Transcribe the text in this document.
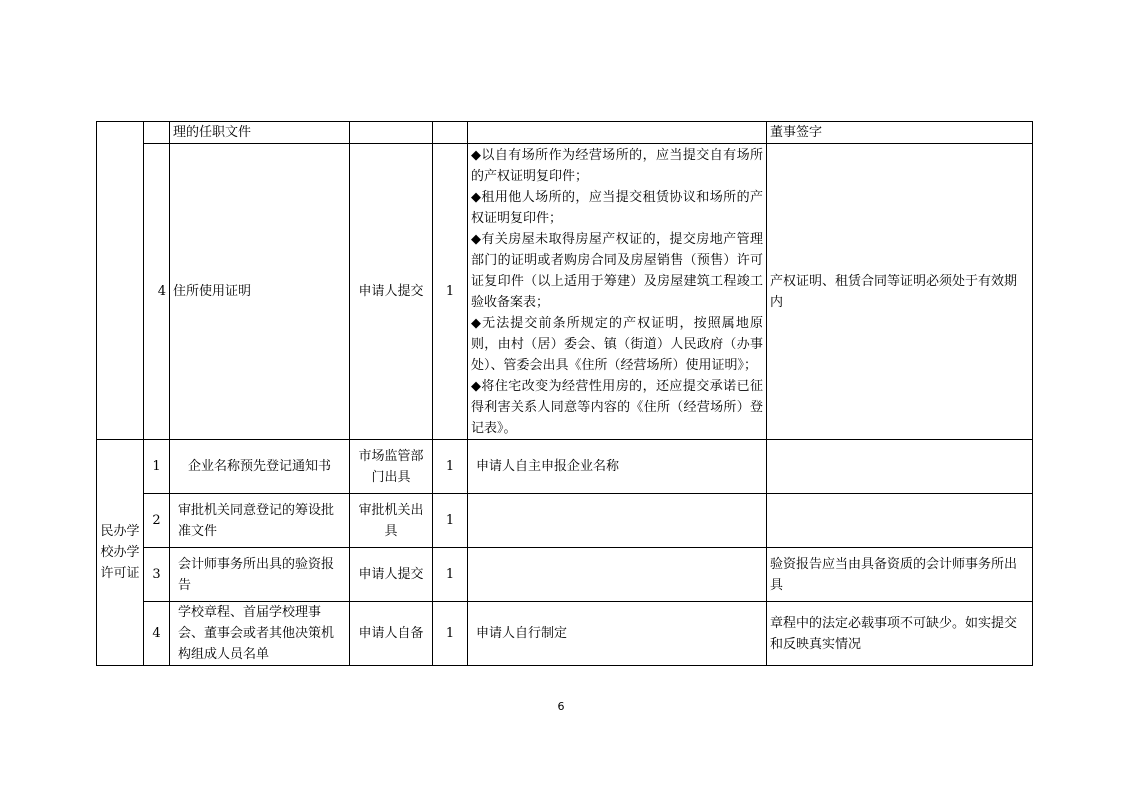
		理的任职文件				董事签字
	4	住所使用证明	申请人提交	1	◆以自有场所作为经营场所的，应当提交自有场所的产权证明复印件；
◆租用他人场所的，应当提交租赁协议和场所的产权证明复印件；
◆有关房屋未取得房屋产权证的，提交房地产管理部门的证明或者购房合同及房屋销售（预售）许可证复印件（以上适用于筹建）及房屋建筑工程竣工验收备案表；
◆无法提交前条所规定的产权证明，按照属地原则，由村（居）委会、镇（街道）人民政府（办事处）、管委会出具《住所（经营场所）使用证明》；
◆将住宅改变为经营性用房的，还应提交承诺已征得利害关系人同意等内容的《住所（经营场所）登记表》。	产权证明、租赁合同等证明必须处于有效期内
民办学校办学许可证	1	企业名称预先登记通知书	市场监管部门出具	1	申请人自主申报企业名称	
	2	审批机关同意登记的筹设批准文件	审批机关出具	1		
	3	会计师事务所出具的验资报告	申请人提交	1		验资报告应当由具备资质的会计师事务所出具
	4	学校章程、首届学校理事会、董事会或者其他决策机构组成人员名单	申请人自备	1	申请人自行制定	章程中的法定必载事项不可缺少。如实提交和反映真实情况
6
